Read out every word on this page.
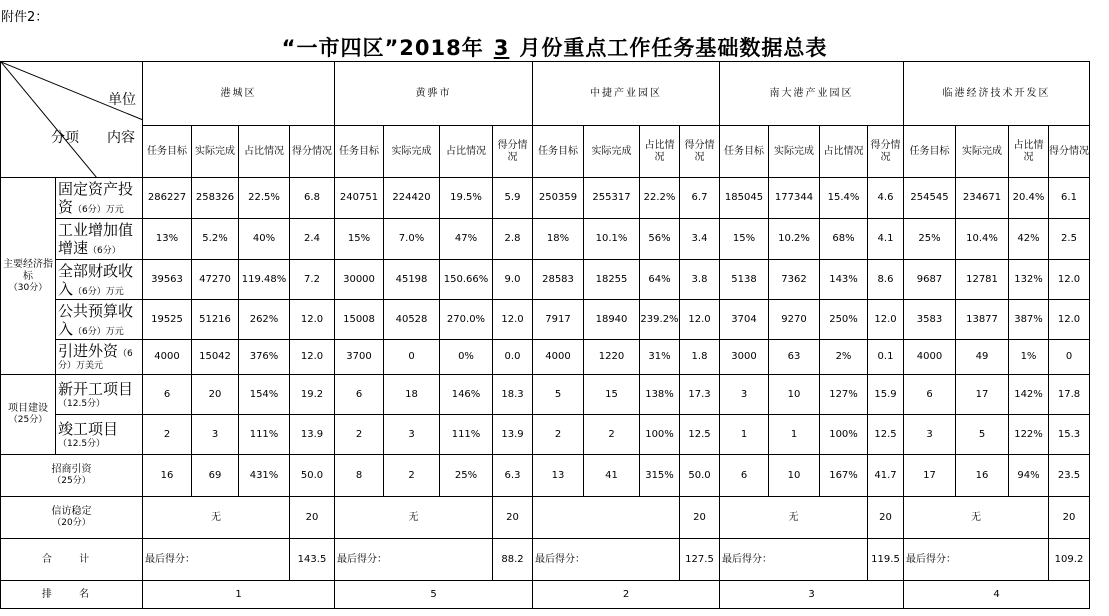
附件2：
“一市四区”2018年 3 月份重点工作任务基础数据总表
单位
分项 内容		港城区				黄骅市				中捷产业园区				南大港产业园区				临港经济技术开发区			
		任务目标	实际完成	占比情况	得分情况	任务目标	实际完成	占比情况	得分情况	任务目标	实际完成	占比情况	得分情况	任务目标	实际完成	占比情况	得分情况	任务目标	实际完成	占比情况	得分情况
主要经济指标
（30分）	固定资产投资（6分）万元	286227	258326	22.5%	6.8	240751	224420	19.5%	5.9	250359	255317	22.2%	6.7	185045	177344	15.4%	4.6	254545	234671	20.4%	6.1
	工业增加值增速（6分）	13%	5.2%	40%	2.4	15%	7.0%	47%	2.8	18%	10.1%	56%	3.4	15%	10.2%	68%	4.1	25%	10.4%	42%	2.5
	全部财政收入（6分）万元	39563	47270	119.48%	7.2	30000	45198	150.66%	9.0	28583	18255	64%	3.8	5138	7362	143%	8.6	9687	12781	132%	12.0
	公共预算收入（6分）万元	19525	51216	262%	12.0	15008	40528	270.0%	12.0	7917	18940	239.2%	12.0	3704	9270	250%	12.0	3583	13877	387%	12.0
	引进外资（6分）万美元	4000	15042	376%	12.0	3700	0	0%	0.0	4000	1220	31%	1.8	3000	63	2%	0.1	4000	49	1%	0
项目建设
（25分）	新开工项目（12.5分）	6	20	154%	19.2	6	18	146%	18.3	5	15	138%	17.3	3	10	127%	15.9	6	17	142%	17.8
	竣工项目（12.5分）	2	3	111%	13.9	2	3	111%	13.9	2	2	100%	12.5	1	1	100%	12.5	3	5	122%	15.3
招商引资
（25分）		16	69	431%	50.0	8	2	25%	6.3	13	41	315%	50.0	6	10	167%	41.7	17	16	94%	23.5
信访稳定
（20分）		无			20	无			20				20	无			20	无			20
合 计		最后得分：			143.5	最后得分：			88.2	最后得分：			127.5	最后得分：			119.5	最后得分：			109.2
排 名		1				5				2				3				4			
